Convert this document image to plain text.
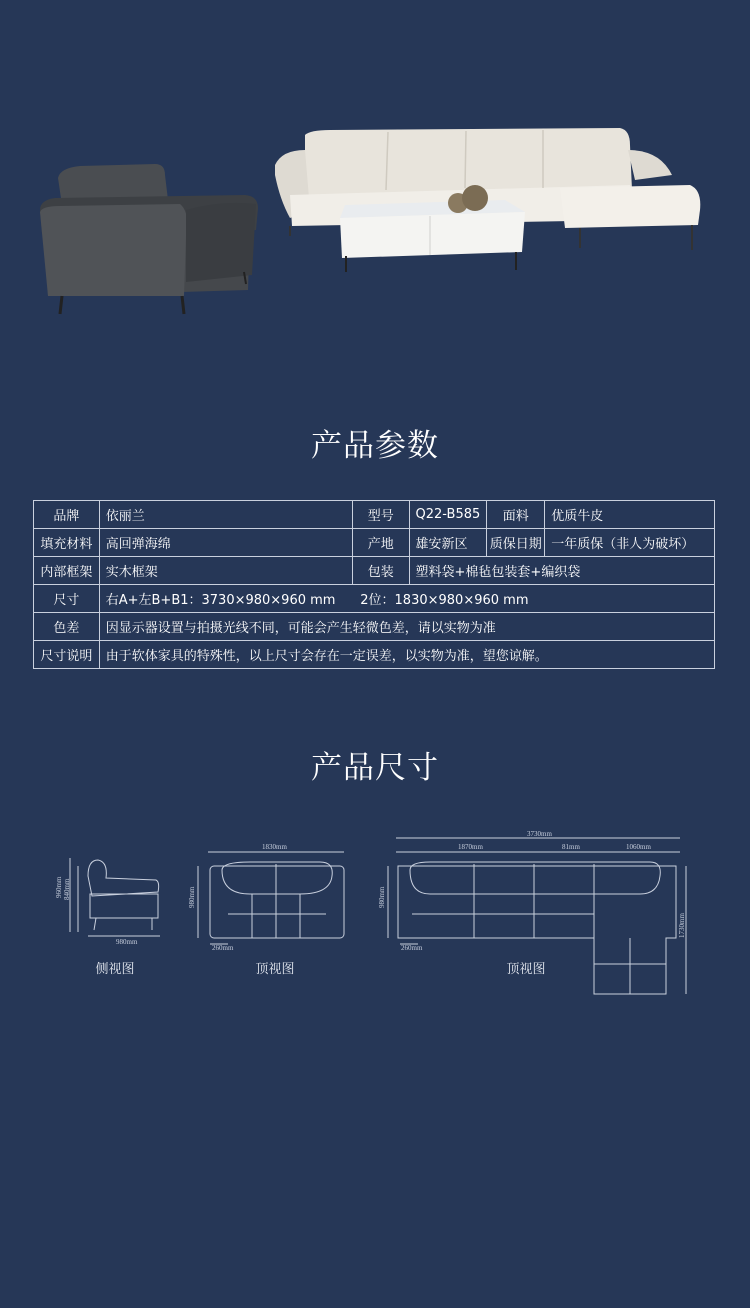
产品参数
品牌	依丽兰	型号	Q22-B585	面料	优质牛皮
填充材料	高回弹海绵	产地	雄安新区	质保日期	一年质保（非人为破坏）
内部框架	实木框架	包装	塑料袋+棉毡包装套+编织袋		
尺寸	右A+左B+B1：3730×980×960 mm      2位：1830×980×960 mm				
色差	因显示器设置与拍摄光线不同，可能会产生轻微色差，请以实物为准				
尺寸说明	由于软体家具的特殊性，以上尺寸会存在一定误差，以实物为准，望您谅解。				
产品尺寸
960mm 840mm
980mm
1830mm
980mm
260mm
3730mm
1870mm	81mm	1060mm
980mm
260mm
1730mm
侧视图	顶视图	顶视图
